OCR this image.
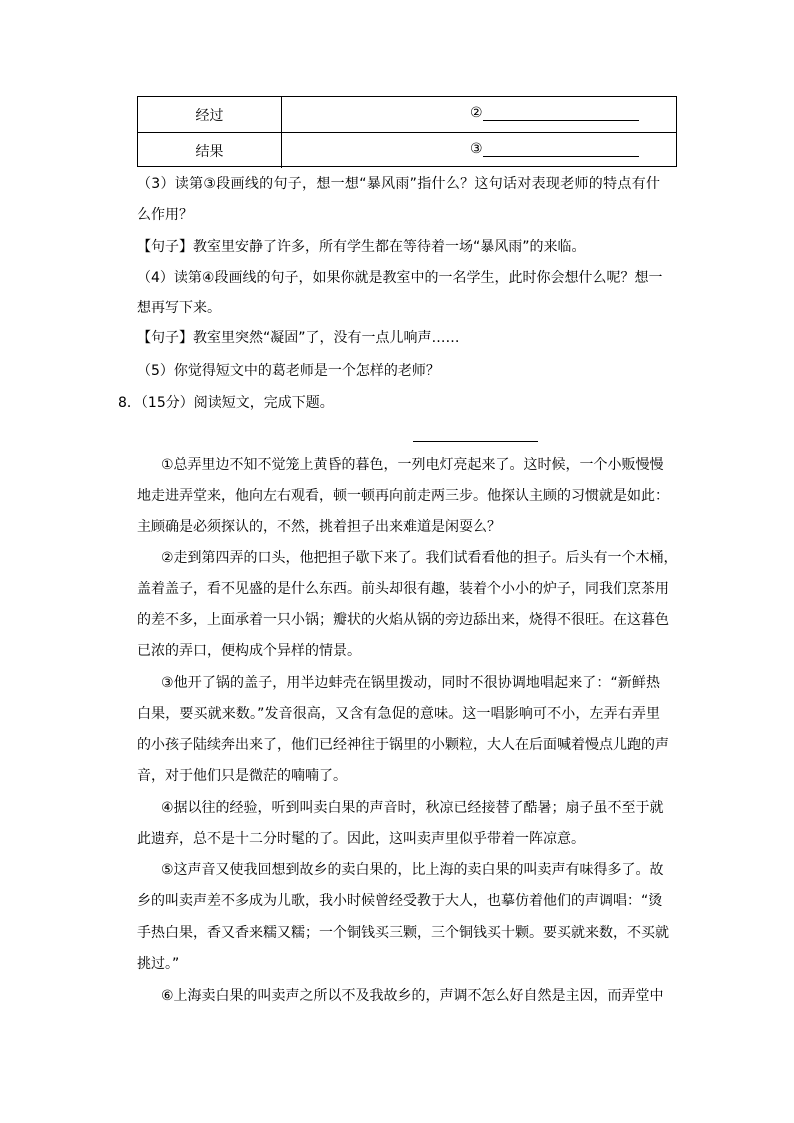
经过	②
结果	③
（3）读第③段画线的句子，想一想“暴风雨”指什么？这句话对表现老师的特点有什
么作用？
【句子】教室里安静了许多，所有学生都在等待着一场“暴风雨”的来临。
（4）读第④段画线的句子，如果你就是教室中的一名学生，此时你会想什么呢？想一
想再写下来。
【句子】教室里突然“凝固”了，没有一点儿响声……
（5）你觉得短文中的葛老师是一个怎样的老师？
8．（15分）阅读短文，完成下题。
①总弄里边不知不觉笼上黄昏的暮色，一列电灯亮起来了。这时候，一个小贩慢慢
地走进弄堂来，他向左右观看，顿一顿再向前走两三步。他探认主顾的习惯就是如此：
主顾确是必须探认的，不然，挑着担子出来难道是闲耍么？
②走到第四弄的口头，他把担子歇下来了。我们试看看他的担子。后头有一个木桶，
盖着盖子，看不见盛的是什么东西。前头却很有趣，装着个小小的炉子，同我们烹茶用
的差不多，上面承着一只小锅；瓣状的火焰从锅的旁边舔出来，烧得不很旺。在这暮色
已浓的弄口，便构成个异样的情景。
③他开了锅的盖子，用半边蚌壳在锅里拨动，同时不很协调地唱起来了：“新鲜热
白果，要买就来数。”发音很高，又含有急促的意味。这一唱影响可不小，左弄右弄里
的小孩子陆续奔出来了，他们已经神往于锅里的小颗粒，大人在后面喊着慢点儿跑的声
音，对于他们只是微茫的喃喃了。
④据以往的经验，听到叫卖白果的声音时，秋凉已经接替了酷暑；扇子虽不至于就
此遗弃，总不是十二分时髦的了。因此，这叫卖声里似乎带着一阵凉意。
⑤这声音又使我回想到故乡的卖白果的，比上海的卖白果的叫卖声有味得多了。故
乡的叫卖声差不多成为儿歌，我小时候曾经受教于大人，也摹仿着他们的声调唱：“烫
手热白果，香又香来糯又糯；一个铜钱买三颗，三个铜钱买十颗。要买就来数，不买就
挑过。”
⑥上海卖白果的叫卖声之所以不及我故乡的，声调不怎么好自然是主因，而弄堂中
